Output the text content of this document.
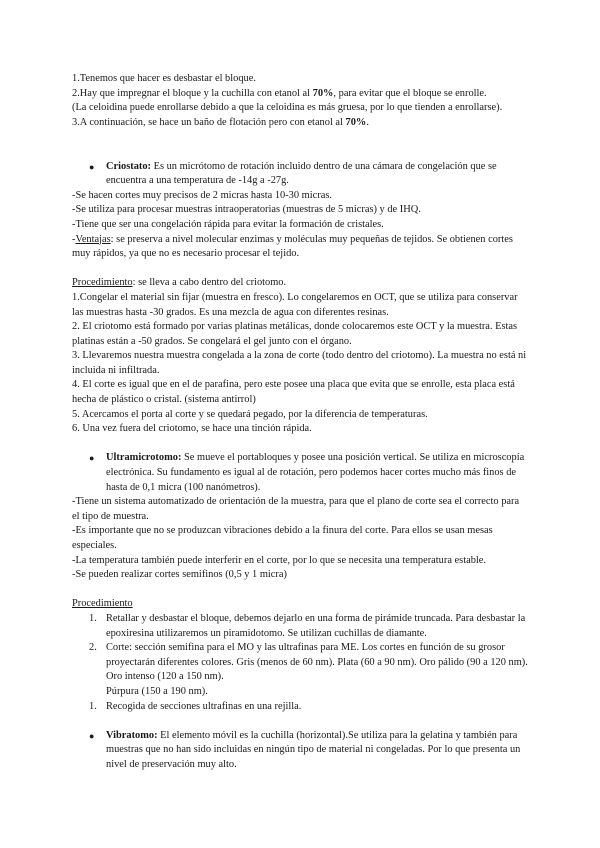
1.Tenemos que hacer es desbastar el bloque.

2.Hay que impregnar el bloque y la cuchilla con etanol al 70%, para evitar que el bloque se enrolle.

(La celoidina puede enrollarse debido a que la celoidina es más gruesa, por lo que tienden a enrollarse).

3.A continuación, se hace un baño de flotación pero con etanol al 70%.

● Criostato: Es un micrótomo de rotación incluido dentro de una cámara de congelación que se encuentra a una temperatura de -14g a -27g.

-Se hacen cortes muy precisos de 2 micras hasta 10-30 micras.

-Se utiliza para procesar muestras intraoperatorias (muestras de 5 micras) y de IHQ.

-Tiene que ser una congelación rápida para evitar la formación de cristales.

-Ventajas: se preserva a nivel molecular enzimas y moléculas muy pequeñas de tejidos. Se obtienen cortes muy rápidos, ya que no es necesario procesar el tejido.

Procedimiento: se lleva a cabo dentro del criotomo.

1.Congelar el material sin fijar (muestra en fresco). Lo congelaremos en OCT, que se utiliza para conservar las muestras hasta -30 grados. Es una mezcla de agua con diferentes resinas.

2. El criotomo está formado por varias platinas metálicas, donde colocaremos este OCT y la muestra. Estas platinas están a -50 grados. Se congelará el gel junto con el órgano.

3. Llevaremos nuestra muestra congelada a la zona de corte (todo dentro del criotomo). La muestra no está ni incluida ni infiltrada.

4. El corte es igual que en el de parafina, pero este posee una placa que evita que se enrolle, esta placa está hecha de plástico o cristal. (sistema antirrol)

5. Acercamos el porta al corte y se quedará pegado, por la diferencia de temperaturas.

6. Una vez fuera del criotomo, se hace una tinción rápida.

● Ultramicrotomo: Se mueve el portabloques y posee una posición vertical. Se utiliza en microscopía electrónica. Su fundamento es igual al de rotación, pero podemos hacer cortes mucho más finos de hasta de 0,1 micra (100 nanómetros).

-Tiene un sistema automatizado de orientación de la muestra, para que el plano de corte sea el correcto para el tipo de muestra.

-Es importante que no se produzcan vibraciones debido a la finura del corte. Para ellos se usan mesas especiales.

-La temperatura también puede interferir en el corte, por lo que se necesita una temperatura estable.

-Se pueden realizar cortes semifinos (0,5 y 1 micra)

Procedimiento

1. Retallar y desbastar el bloque, debemos dejarlo en una forma de pirámide truncada. Para desbastar la epoxiresina utilizaremos un piramidotomo. Se utilizan cuchillas de diamante.

2. Corte: sección semifina para el MO y las ultrafinas para ME. Los cortes en función de su grosor proyectarán diferentes colores. Gris (menos de 60 nm). Plata (60 a 90 nm). Oro pálido (90 a 120 nm). Oro intenso (120 a 150 nm).

Púrpura (150 a 190 nm).

1. Recogida de secciones ultrafinas en una rejilla.

● Vibratomo: El elemento móvil es la cuchilla (horizontal).Se utiliza para la gelatina y también para muestras que no han sido incluidas en ningún tipo de material ni congeladas. Por lo que presenta un nivel de preservación muy alto.
